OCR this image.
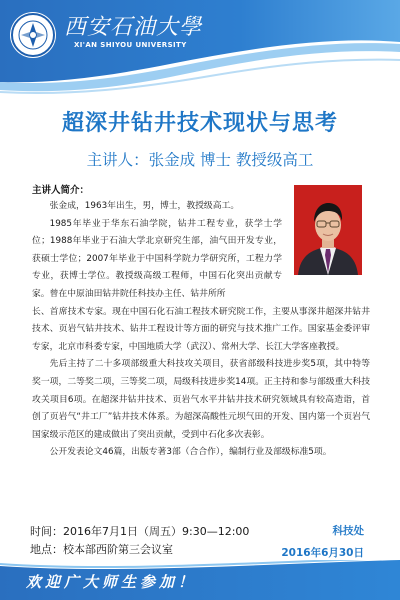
西安石油大學
XI'AN SHIYOU UNIVERSITY
超深井钻井技术现状与思考
主讲人：张金成 博士 教授级高工
主讲人简介：

张金成，1963年出生，男，博士，教授级高工。

1985年毕业于华东石油学院，钻井工程专业，获学士学位；1988年毕业于石油大学北京研究生部，油气田开发专业，获硕士学位；2007年毕业于中国科学院力学研究所，工程力学专业，获博士学位。教授级高级工程师，中国石化突出贡献专家。曾在中原油田钻井院任科技办主任、钻井所所

长、首席技术专家。现在中国石化石油工程技术研究院工作，主要从事深井超深井钻井技术、页岩气钻井技术、钻井工程设计等方面的研究与技术推广工作。国家基金委评审专家，北京市科委专家，中国地质大学（武汉）、常州大学、长江大学客座教授。

先后主持了二十多项部级重大科技攻关项目，获省部级科技进步奖5项，其中特等奖一项，二等奖二项，三等奖二项，局级科技进步奖14项。正主持和参与部级重大科技攻关项目6项。在超深井钻井技术、页岩气水平井钻井技术研究领域具有较高造诣，首创了页岩气“井工厂”钻井技术体系。为超深高酸性元坝气田的开发、国内第一个页岩气国家级示范区的建成做出了突出贡献，受到中石化多次表彰。

公开发表论文46篇，出版专著3部（合合作），编制行业及部级标准5项。

时间：2016年7月1日（周五）9:30—12:00
地点：校本部西阶第三会议室
科技处
2016年6月30日
欢迎广大师生参加！
